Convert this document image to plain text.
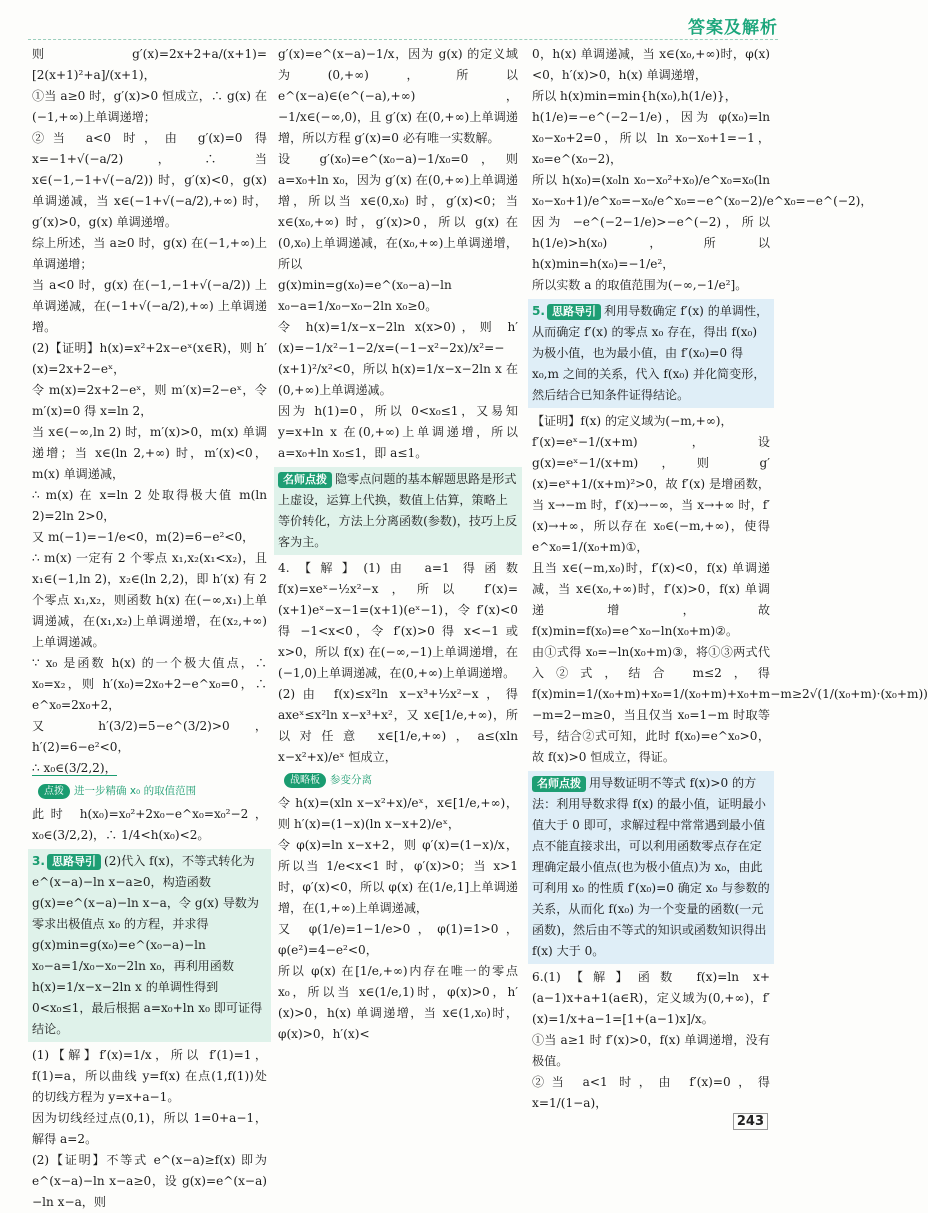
答案及解析

则 g′(x)=2x+2+a/(x+1)=[2(x+1)²+a]/(x+1)，

①当 a≥0 时，g′(x)>0 恒成立，∴ g(x) 在(−1,+∞)上单调递增；

②当 a<0 时，由 g′(x)=0 得 x=−1+√(−a/2)，∴ 当 x∈(−1,−1+√(−a/2)) 时，g′(x)<0，g(x) 单调递减，当 x∈(−1+√(−a/2),+∞) 时，g′(x)>0，g(x) 单调递增。

综上所述，当 a≥0 时，g(x) 在(−1,+∞)上单调递增；

当 a<0 时，g(x) 在(−1,−1+√(−a/2)) 上单调递减，在(−1+√(−a/2),+∞) 上单调递增。

(2)【证明】h(x)=x²+2x−eˣ(x∈R)，则 h′(x)=2x+2−eˣ，

令 m(x)=2x+2−eˣ，则 m′(x)=2−eˣ，令 m′(x)=0 得 x=ln 2，

当 x∈(−∞,ln 2) 时，m′(x)>0，m(x) 单调递增；当 x∈(ln 2,+∞) 时，m′(x)<0，m(x) 单调递减，

∴ m(x) 在 x=ln 2 处取得极大值 m(ln 2)=2ln 2>0，

又 m(−1)=−1/e<0，m(2)=6−e²<0，

∴ m(x) 一定有 2 个零点 x₁,x₂(x₁<x₂)，且 x₁∈(−1,ln 2)，x₂∈(ln 2,2)，即 h′(x) 有 2 个零点 x₁,x₂，则函数 h(x) 在(−∞,x₁)上单调递减，在(x₁,x₂)上单调递增，在(x₂,+∞)上单调递减。

∵ x₀ 是函数 h(x) 的一个极大值点，∴ x₀=x₂，则 h′(x₀)=2x₀+2−e^x₀=0，∴ e^x₀=2x₀+2，

又 h′(3/2)=5−e^(3/2)>0，h′(2)=6−e²<0，

∴ x₀∈(3/2,2)，

点拨 进一步精确 x₀ 的取值范围

此时 h(x₀)=x₀²+2x₀−e^x₀=x₀²−2，x₀∈(3/2,2)，∴ 1/4<h(x₀)<2。

3. 思路导引 (2)代入 f(x)，不等式转化为 e^(x−a)−ln x−a≥0，构造函数 g(x)=e^(x−a)−ln x−a，令 g(x) 导数为零求出极值点 x₀ 的方程，并求得 g(x)min=g(x₀)=e^(x₀−a)−ln x₀−a=1/x₀−x₀−2ln x₀，再利用函数 h(x)=1/x−x−2ln x 的单调性得到 0<x₀≤1，最后根据 a=x₀+ln x₀ 即可证得结论。

(1)【解】f′(x)=1/x，所以 f′(1)=1，f(1)=a，所以曲线 y=f(x) 在点(1,f(1))处的切线方程为 y=x+a−1。

因为切线经过点(0,1)，所以 1=0+a−1，解得 a=2。

(2)【证明】不等式 e^(x−a)≥f(x) 即为 e^(x−a)−ln x−a≥0，设 g(x)=e^(x−a)−ln x−a，则

g′(x)=e^(x−a)−1/x，因为 g(x) 的定义域为(0,+∞)，所以 e^(x−a)∈(e^(−a),+∞)，−1/x∈(−∞,0)，且 g′(x) 在(0,+∞)上单调递增，所以方程 g′(x)=0 必有唯一实数解。

设 g′(x₀)=e^(x₀−a)−1/x₀=0，则 a=x₀+ln x₀，因为 g′(x) 在(0,+∞)上单调递增，所以当 x∈(0,x₀) 时，g′(x)<0；当 x∈(x₀,+∞) 时，g′(x)>0，所以 g(x) 在(0,x₀)上单调递减，在(x₀,+∞)上单调递增，所以

g(x)min=g(x₀)=e^(x₀−a)−ln x₀−a=1/x₀−x₀−2ln x₀≥0。

令 h(x)=1/x−x−2ln x(x>0)，则 h′(x)=−1/x²−1−2/x=(−1−x²−2x)/x²=−(x+1)²/x²<0，所以 h(x)=1/x−x−2ln x 在(0,+∞)上单调递减。

因为 h(1)=0，所以 0<x₀≤1，又易知 y=x+ln x 在(0,+∞)上单调递增，所以 a=x₀+ln x₀≤1，即 a≤1。

名师点拨 隐零点问题的基本解题思路是形式上虚设，运算上代换，数值上估算，策略上等价转化，方法上分离函数(参数)，技巧上反客为主。

4.【解】(1)由 a=1 得函数 f(x)=xeˣ−½x²−x，所以 f′(x)=(x+1)eˣ−x−1=(x+1)(eˣ−1)，令 f′(x)<0 得 −1<x<0，令 f′(x)>0 得 x<−1 或 x>0，所以 f(x) 在(−∞,−1)上单调递增，在(−1,0)上单调递减，在(0,+∞)上单调递增。

(2)由 f(x)≤x²ln x−x³+½x²−x，得 axeˣ≤x²ln x−x³+x²，又 x∈[1/e,+∞)，所以对任意 x∈[1/e,+∞)，a≤(xln x−x²+x)/eˣ 恒成立，

战略板 参变分离

令 h(x)=(xln x−x²+x)/eˣ，x∈[1/e,+∞)，则 h′(x)=(1−x)(ln x−x+2)/eˣ，

令 φ(x)=ln x−x+2，则 φ′(x)=(1−x)/x，所以当 1/e<x<1 时，φ′(x)>0；当 x>1 时，φ′(x)<0，所以 φ(x) 在(1/e,1]上单调递增，在(1,+∞)上单调递减，

又 φ(1/e)=1−1/e>0，φ(1)=1>0，φ(e²)=4−e²<0，

所以 φ(x) 在[1/e,+∞)内存在唯一的零点 x₀，所以当 x∈(1/e,1)时，φ(x)>0，h′(x)>0，h(x) 单调递增，当 x∈(1,x₀)时，φ(x)>0，h′(x)<

0，h(x) 单调递减，当 x∈(x₀,+∞)时，φ(x)<0，h′(x)>0，h(x) 单调递增，

所以 h(x)min=min{h(x₀),h(1/e)}，

h(1/e)=−e^(−2−1/e)，因为 φ(x₀)=ln x₀−x₀+2=0，所以 ln x₀−x₀+1=−1，x₀=e^(x₀−2)，

所以 h(x₀)=(x₀ln x₀−x₀²+x₀)/e^x₀=x₀(ln x₀−x₀+1)/e^x₀=−x₀/e^x₀=−e^(x₀−2)/e^x₀=−e^(−2)，

因为 −e^(−2−1/e)>−e^(−2)，所以 h(1/e)>h(x₀)，所以 h(x)min=h(x₀)=−1/e²，

所以实数 a 的取值范围为(−∞,−1/e²]。

5. 思路导引 利用导数确定 f′(x) 的单调性，从而确定 f′(x) 的零点 x₀ 存在，得出 f(x₀) 为极小值，也为最小值，由 f′(x₀)=0 得 x₀,m 之间的关系，代入 f(x₀) 并化简变形，然后结合已知条件证得结论。

【证明】f(x) 的定义域为(−m,+∞)，

f′(x)=eˣ−1/(x+m)，设 g(x)=eˣ−1/(x+m)，则 g′(x)=eˣ+1/(x+m)²>0，故 f′(x) 是增函数，当 x→−m 时，f′(x)→−∞，当 x→+∞ 时，f′(x)→+∞，所以存在 x₀∈(−m,+∞)，使得 e^x₀=1/(x₀+m)①，

且当 x∈(−m,x₀)时，f′(x)<0，f(x) 单调递减，当 x∈(x₀,+∞)时，f′(x)>0，f(x) 单调递增，故 f(x)min=f(x₀)=e^x₀−ln(x₀+m)②。

由①式得 x₀=−ln(x₀+m)③，将①③两式代入②式，结合 m≤2，得 f(x)min=1/(x₀+m)+x₀=1/(x₀+m)+x₀+m−m≥2√(1/(x₀+m)·(x₀+m))−m=2−m≥0，当且仅当 x₀=1−m 时取等号，结合②式可知，此时 f(x₀)=e^x₀>0，故 f(x)>0 恒成立，得证。

名师点拨 用导数证明不等式 f(x)>0 的方法：利用导数求得 f(x) 的最小值，证明最小值大于 0 即可，求解过程中常常遇到最小值点不能直接求出，可以利用函数零点存在定理确定最小值点(也为极小值点)为 x₀，由此可利用 x₀ 的性质 f′(x₀)=0 确定 x₀ 与参数的关系，从而化 f(x₀) 为一个变量的函数(一元函数)，然后由不等式的知识或函数知识得出 f(x) 大于 0。

6.(1)【解】函数 f(x)=ln x+(a−1)x+a+1(a∈R)，定义域为(0,+∞)，f′(x)=1/x+a−1=[1+(a−1)x]/x。

①当 a≥1 时 f′(x)>0，f(x) 单调递增，没有极值。

②当 a<1 时，由 f′(x)=0，得 x=1/(1−a)，

243
